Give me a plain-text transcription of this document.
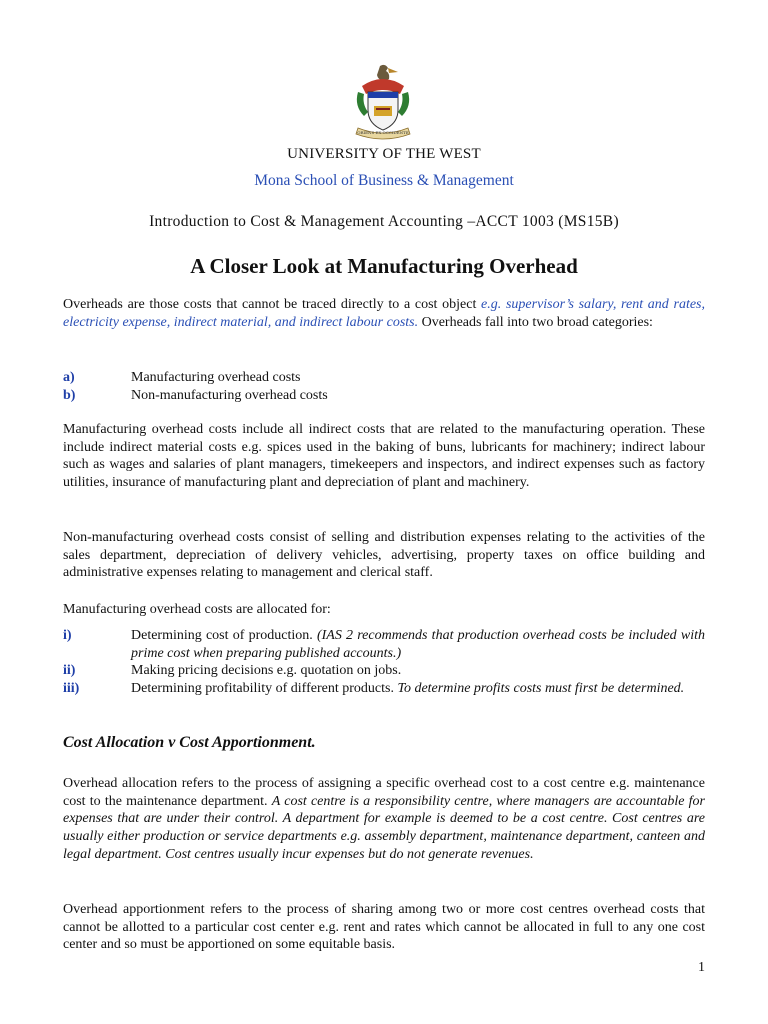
ORIENS EX OCCIDENTE
UNIVERSITY OF THE WEST
Mona School of Business & Management
Introduction to Cost & Management Accounting –ACCT 1003 (MS15B)
A Closer Look at Manufacturing Overhead
Overheads are those costs that cannot be traced directly to a cost object e.g. supervisor’s salary, rent and rates, electricity expense, indirect material, and indirect labour costs. Overheads fall into two broad categories:
a)	Manufacturing overhead costs
b)	Non-manufacturing overhead costs
Manufacturing overhead costs include all indirect costs that are related to the manufacturing operation. These include indirect material costs e.g. spices used in the baking of buns, lubricants for machinery; indirect labour such as wages and salaries of plant managers, timekeepers and inspectors, and indirect expenses such as factory utilities, insurance of manufacturing plant and depreciation of plant and machinery.
Non-manufacturing overhead costs consist of selling and distribution expenses relating to the activities of the sales department, depreciation of delivery vehicles, advertising, property taxes on office building and administrative expenses relating to management and clerical staff.
Manufacturing overhead costs are allocated for:
i)	Determining cost of production. (IAS 2 recommends that production overhead costs be included with prime cost when preparing published accounts.)
ii)	Making pricing decisions e.g. quotation on jobs.
iii)	Determining profitability of different products. To determine profits costs must first be determined.
Cost Allocation v Cost Apportionment.
Overhead allocation refers to the process of assigning a specific overhead cost to a cost centre e.g. maintenance cost to the maintenance department. A cost centre is a responsibility centre, where managers are accountable for expenses that are under their control. A department for example is deemed to be a cost centre. Cost centres are usually either production or service departments e.g. assembly department, maintenance department, canteen and legal department. Cost centres usually incur expenses but do not generate revenues.
Overhead apportionment refers to the process of sharing among two or more cost centres overhead costs that cannot be allotted to a particular cost center e.g. rent and rates which cannot be allocated in full to any one cost center and so must be apportioned on some equitable basis.
1
